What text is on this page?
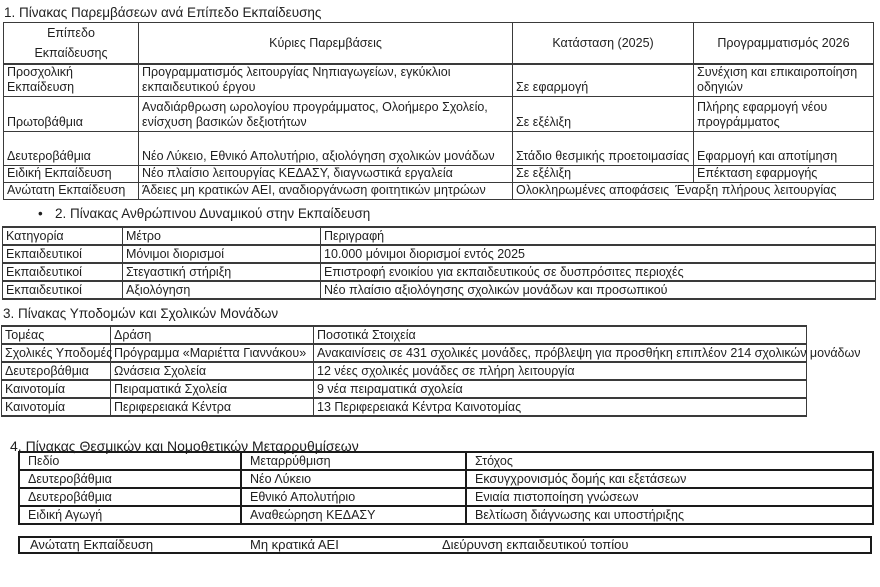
1. Πίνακας Παρεμβάσεων ανά Επίπεδο Εκπαίδευσης
Επίπεδο Εκπαίδευσης	Κύριες Παρεμβάσεις	Κατάσταση (2025)	Προγραμματισμός 2026
Προσχολική Εκπαίδευση	Προγραμματισμός λειτουργίας Νηπιαγωγείων, εγκύκλιοι εκπαιδευτικού έργου	Σε εφαρμογή	Συνέχιση και επικαιροποίηση οδηγιών
Πρωτοβάθμια	Αναδιάρθρωση ωρολογίου προγράμματος, Ολοήμερο Σχολείο, ενίσχυση βασικών δεξιοτήτων	Σε εξέλιξη	Πλήρης εφαρμογή νέου προγράμματος
Δευτεροβάθμια	Νέο Λύκειο, Εθνικό Απολυτήριο, αξιολόγηση σχολικών μονάδων	Στάδιο θεσμικής προετοιμασίας	Εφαρμογή και αποτίμηση
Ειδική Εκπαίδευση	Νέο πλαίσιο λειτουργίας ΚΕΔΑΣΥ, διαγνωστικά εργαλεία	Σε εξέλιξη	Επέκταση εφαρμογής
Ανώτατη Εκπαίδευση	Άδειες μη κρατικών ΑΕΙ, αναδιοργάνωση φοιτητικών μητρώων	Ολοκληρωμένες αποφάσεις Έναρξη πλήρους λειτουργίας	
• 2. Πίνακας Ανθρώπινου Δυναμικού στην Εκπαίδευση
Κατηγορία	Μέτρο	Περιγραφή
Εκπαιδευτικοί	Μόνιμοι διορισμοί	10.000 μόνιμοι διορισμοί εντός 2025
Εκπαιδευτικοί	Στεγαστική στήριξη	Επιστροφή ενοικίου για εκπαιδευτικούς σε δυσπρόσιτες περιοχές
Εκπαιδευτικοί	Αξιολόγηση	Νέο πλαίσιο αξιολόγησης σχολικών μονάδων και προσωπικού
3. Πίνακας Υποδομών και Σχολικών Μονάδων
Τομέας	Δράση	Ποσοτικά Στοιχεία
Σχολικές Υποδομές	Πρόγραμμα «Μαριέττα Γιαννάκου»	Ανακαινίσεις σε 431 σχολικές μονάδες, πρόβλεψη για προσθήκη επιπλέον 214 σχολικών μονάδων
Δευτεροβάθμια	Ωνάσεια Σχολεία	12 νέες σχολικές μονάδες σε πλήρη λειτουργία
Καινοτομία	Πειραματικά Σχολεία	9 νέα πειραματικά σχολεία
Καινοτομία	Περιφερειακά Κέντρα	13 Περιφερειακά Κέντρα Καινοτομίας
4. Πίνακας Θεσμικών και Νομοθετικών Μεταρρυθμίσεων
Πεδίο	Μεταρρύθμιση	Στόχος
Δευτεροβάθμια	Νέο Λύκειο	Εκσυγχρονισμός δομής και εξετάσεων
Δευτεροβάθμια	Εθνικό Απολυτήριο	Ενιαία πιστοποίηση γνώσεων
Ειδική Αγωγή	Αναθεώρηση ΚΕΔΑΣΥ	Βελτίωση διάγνωσης και υποστήριξης
Ανώτατη Εκπαίδευση	Μη κρατικά ΑΕΙ	Διεύρυνση εκπαιδευτικού τοπίου
